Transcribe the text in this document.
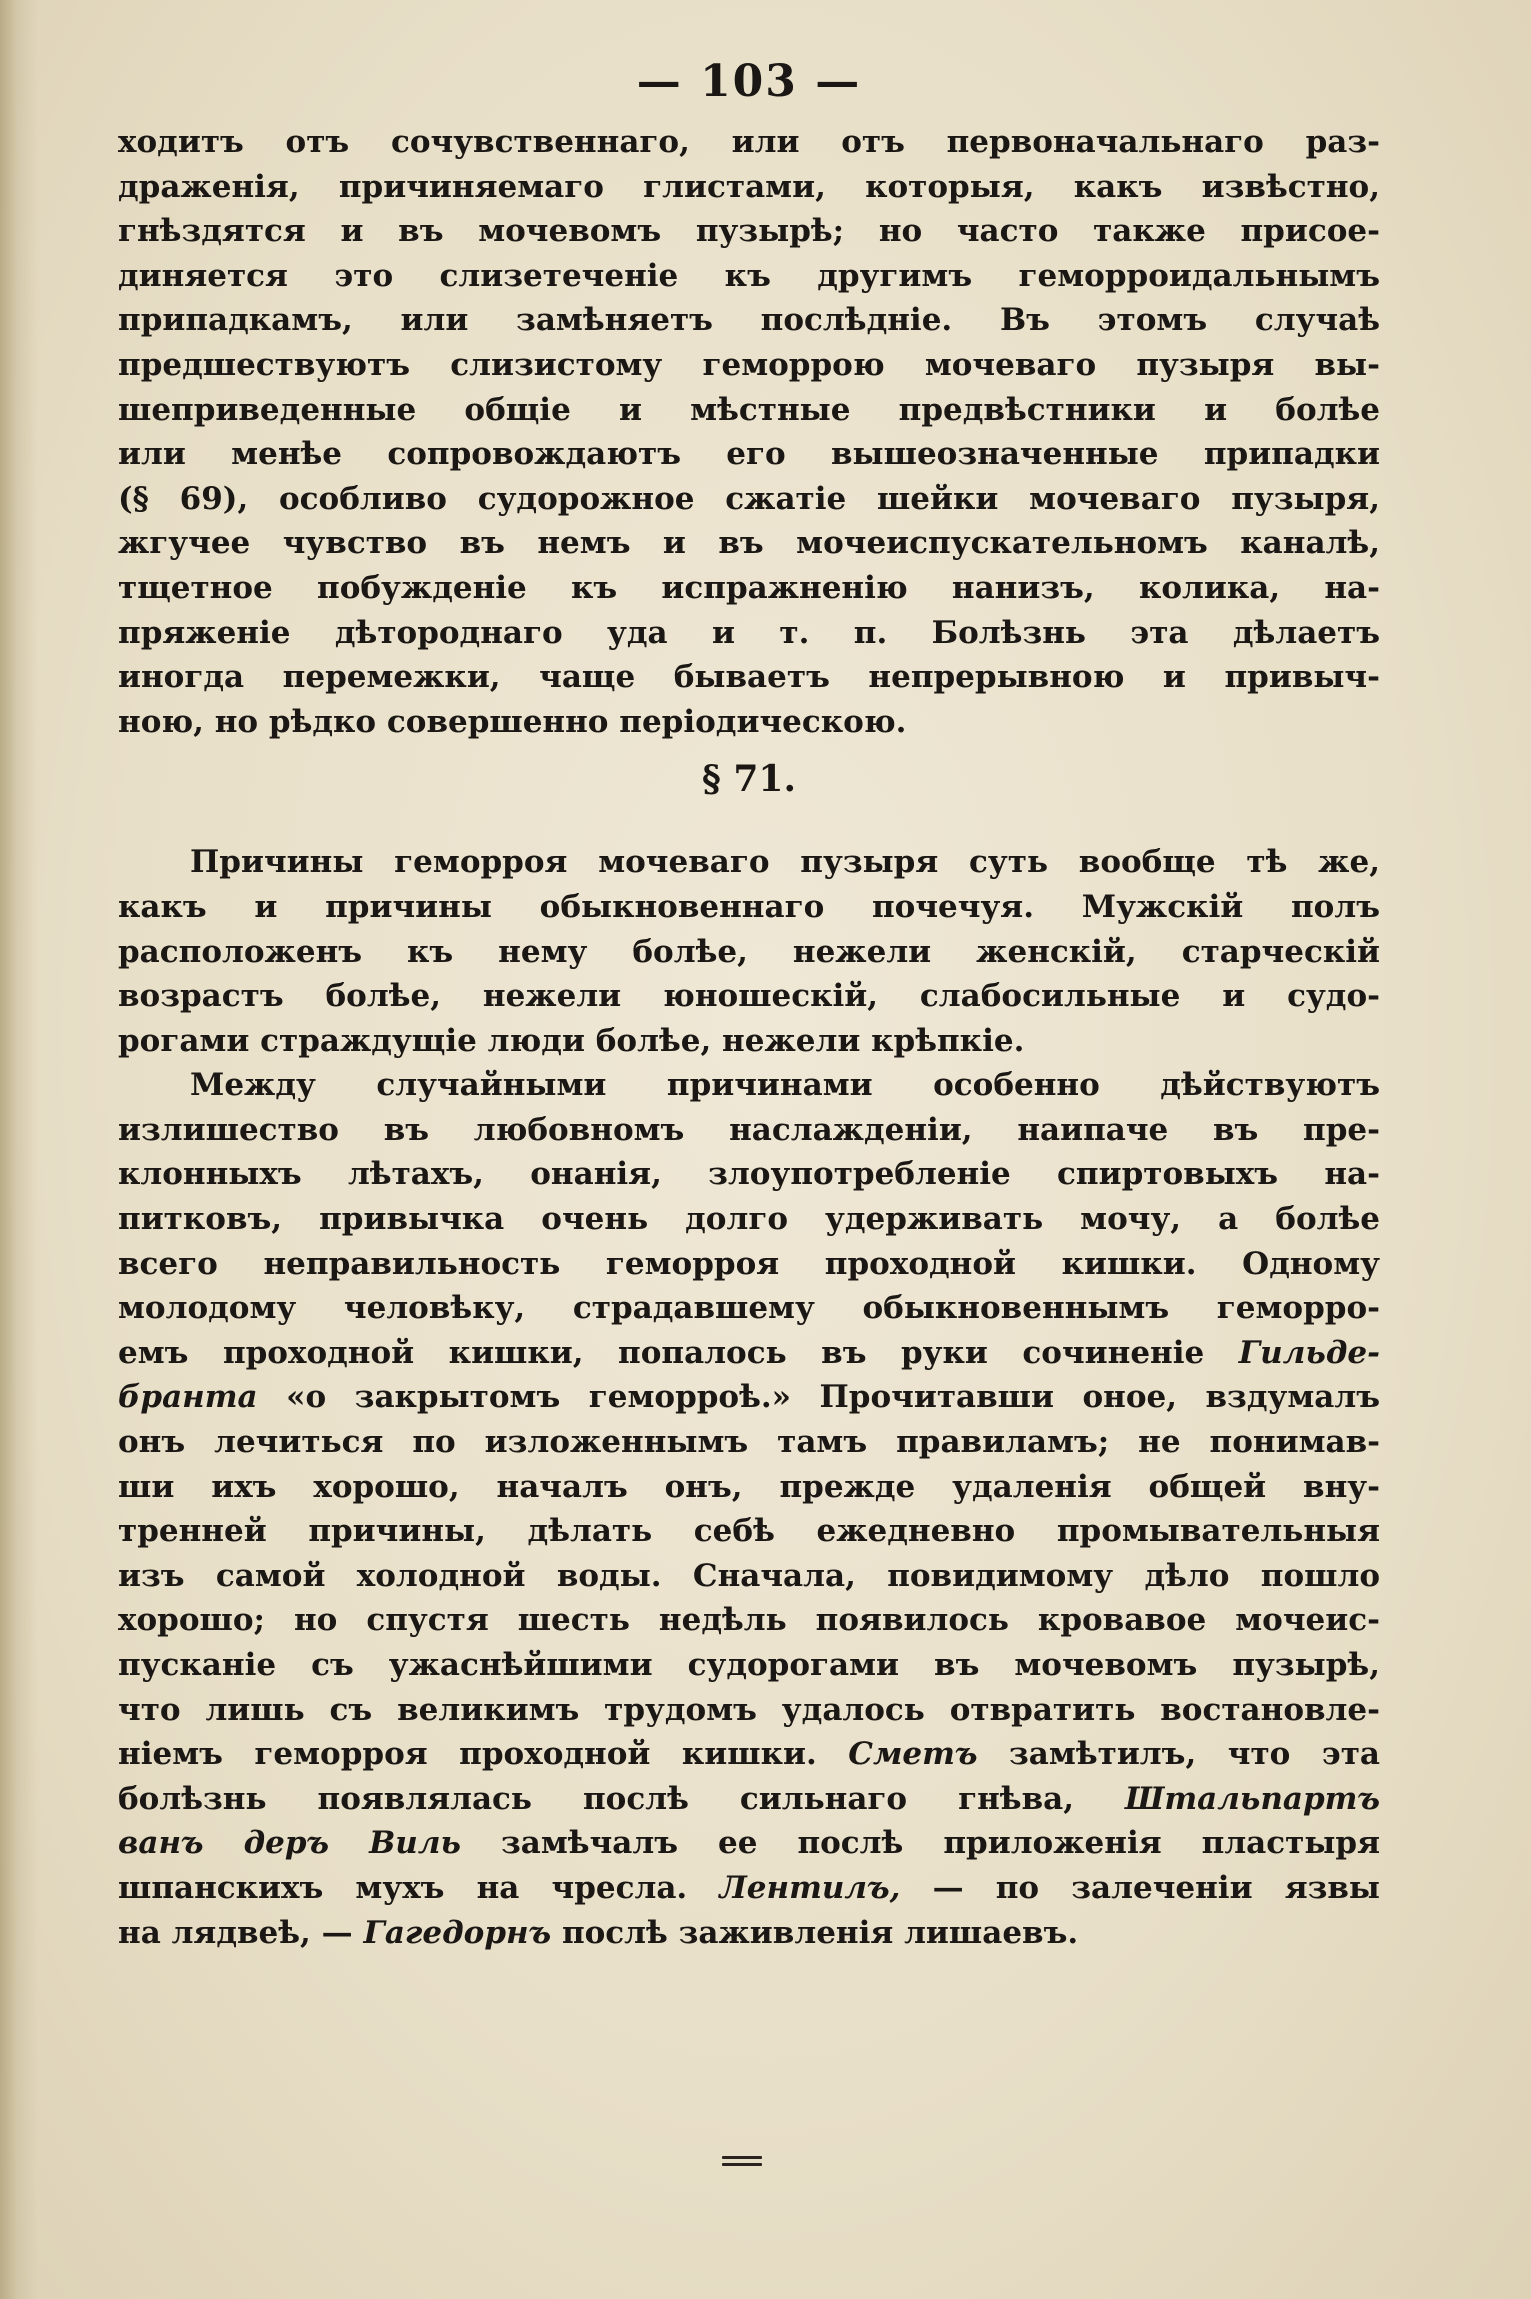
— 103 —
ходитъ отъ сочувственнаго, или отъ первоначальнаго раз-
драженія, причиняемаго глистами, которыя, какъ извѣстно,
гнѣздятся и въ мочевомъ пузырѣ; но часто также присое-
диняется это слизетеченіе къ другимъ геморроидальнымъ
припадкамъ, или замѣняетъ послѣдніе. Въ этомъ случаѣ
предшествуютъ слизистому геморрою мочеваго пузыря вы-
шеприведенные общіе и мѣстные предвѣстники и болѣе
или менѣе сопровождаютъ его вышеозначенные припадки
(§ 69), особливо судорожное сжатіе шейки мочеваго пузыря,
жгучее чувство въ немъ и въ мочеиспускательномъ каналѣ,
тщетное побужденіе къ испражненію нанизъ, колика, на-
пряженіе дѣтороднаго уда и т. п. Болѣзнь эта дѣлаетъ
иногда перемежки, чаще бываетъ непрерывною и привыч-
ною, но рѣдко совершенно періодическою.
§ 71.
Причины геморроя мочеваго пузыря суть вообще тѣ же,
какъ и причины обыкновеннаго почечуя. Мужскій полъ
расположенъ къ нему болѣе, нежели женскій, старческій
возрастъ болѣе, нежели юношескій, слабосильные и судо-
рогами страждущіе люди болѣе, нежели крѣпкіе.
Между случайными причинами особенно дѣйствуютъ
излишество въ любовномъ наслажденіи, наипаче въ пре-
клонныхъ лѣтахъ, онанія, злоупотребленіе спиртовыхъ на-
питковъ, привычка очень долго удерживать мочу, а болѣе
всего неправильность геморроя проходной кишки. Одному
молодому человѣку, страдавшему обыкновеннымъ геморро-
емъ проходной кишки, попалось въ руки сочиненіе Гильде-
бранта «о закрытомъ геморроѣ.» Прочитавши оное, вздумалъ
онъ лечиться по изложеннымъ тамъ правиламъ; не понимав-
ши ихъ хорошо, началъ онъ, прежде удаленія общей вну-
тренней причины, дѣлать себѣ ежедневно промывательныя
изъ самой холодной воды. Сначала, повидимому дѣло пошло
хорошо; но спустя шесть недѣль появилось кровавое мочеис-
пусканіе съ ужаснѣйшими судорогами въ мочевомъ пузырѣ,
что лишь съ великимъ трудомъ удалось отвратить востановле-
ніемъ геморроя проходной кишки. Сметъ замѣтилъ, что эта
болѣзнь появлялась послѣ сильнаго гнѣва, Штальпартъ
ванъ деръ Виль замѣчалъ ее послѣ приложенія пластыря
шпанскихъ мухъ на чресла. Лентилъ, — по залеченіи язвы
на лядвеѣ, — Гагедорнъ послѣ заживленія лишаевъ.
